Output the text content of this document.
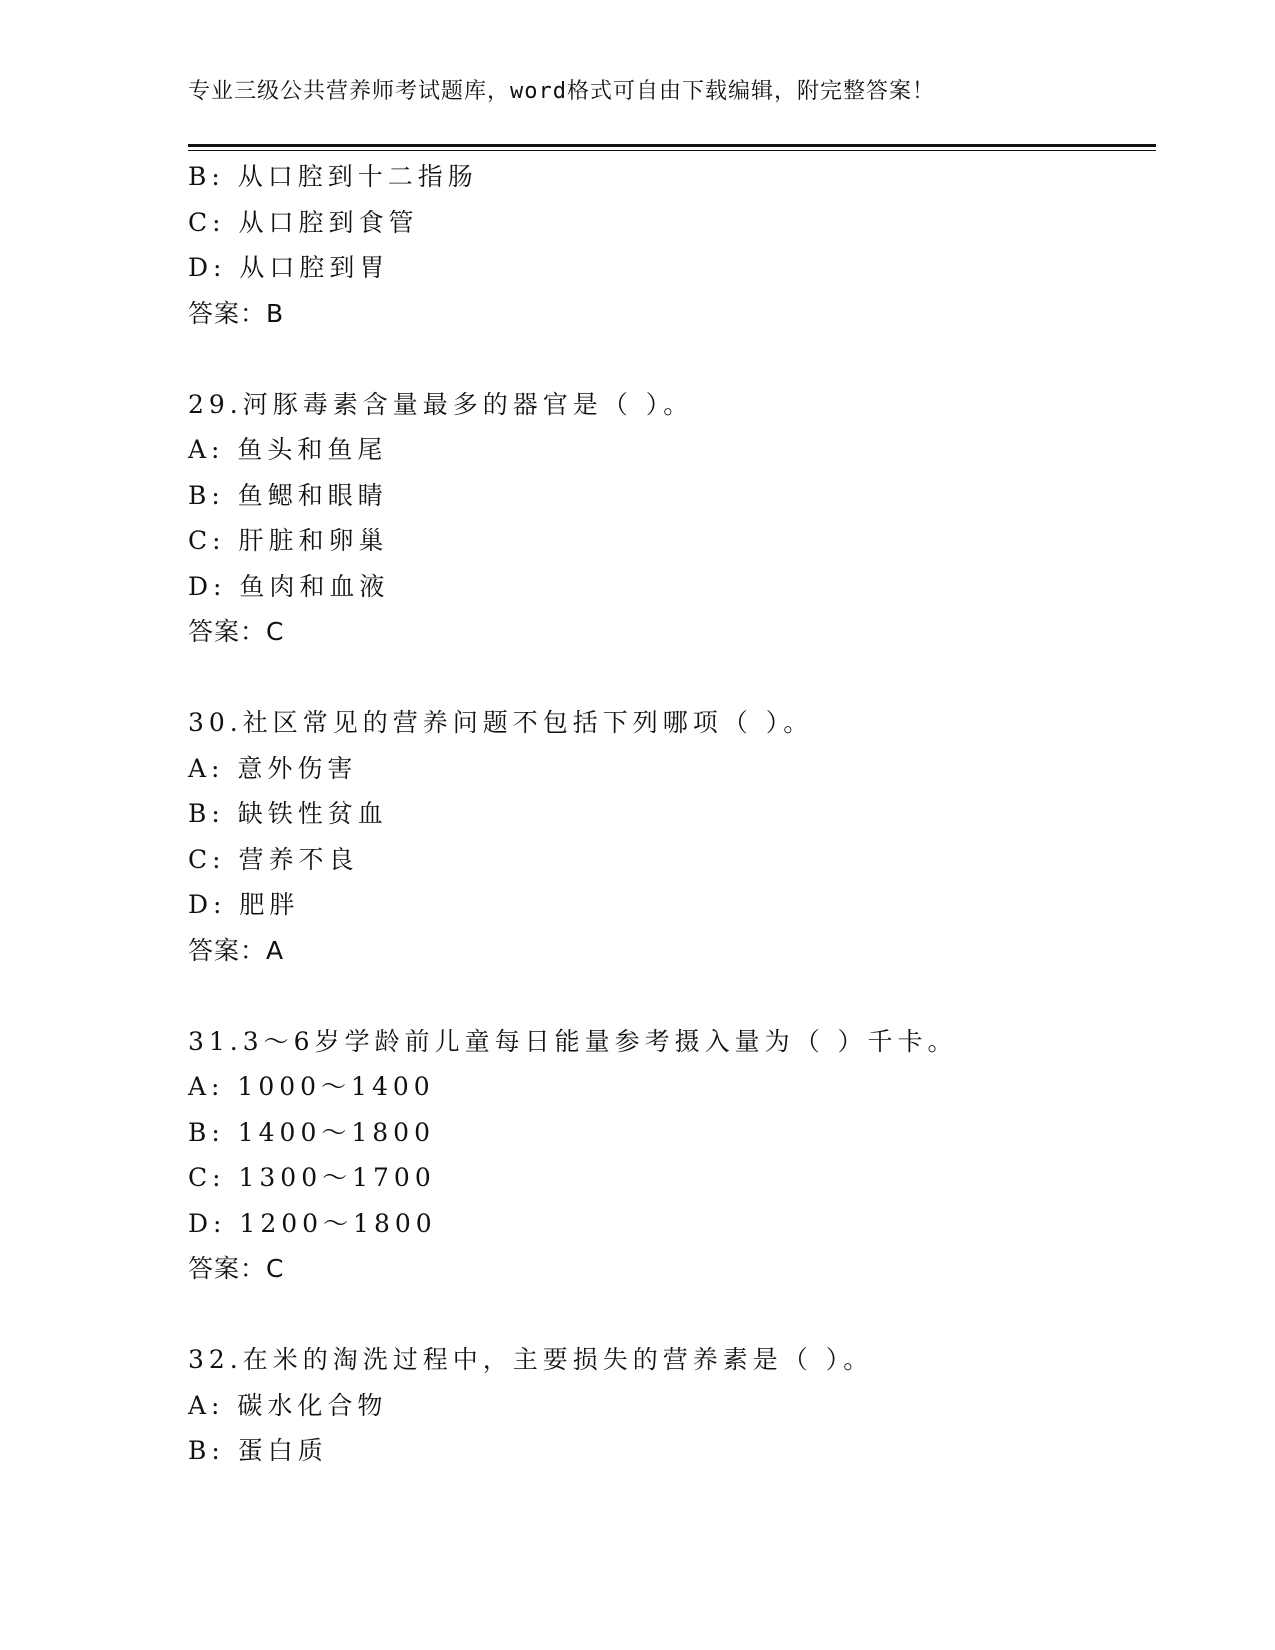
专业三级公共营养师考试题库，word格式可自由下载编辑，附完整答案！
B: 从口腔到十二指肠
C: 从口腔到食管
D: 从口腔到胃
答案：B
29.河豚毒素含量最多的器官是（ ）。
A: 鱼头和鱼尾
B: 鱼鳃和眼睛
C: 肝脏和卵巢
D: 鱼肉和血液
答案：C
30.社区常见的营养问题不包括下列哪项（ ）。
A: 意外伤害
B: 缺铁性贫血
C: 营养不良
D: 肥胖
答案：A
31.3～6岁学龄前儿童每日能量参考摄入量为（ ）千卡。
A: 1000～1400
B: 1400～1800
C: 1300～1700
D: 1200～1800
答案：C
32.在米的淘洗过程中，主要损失的营养素是（ ）。
A: 碳水化合物
B: 蛋白质
